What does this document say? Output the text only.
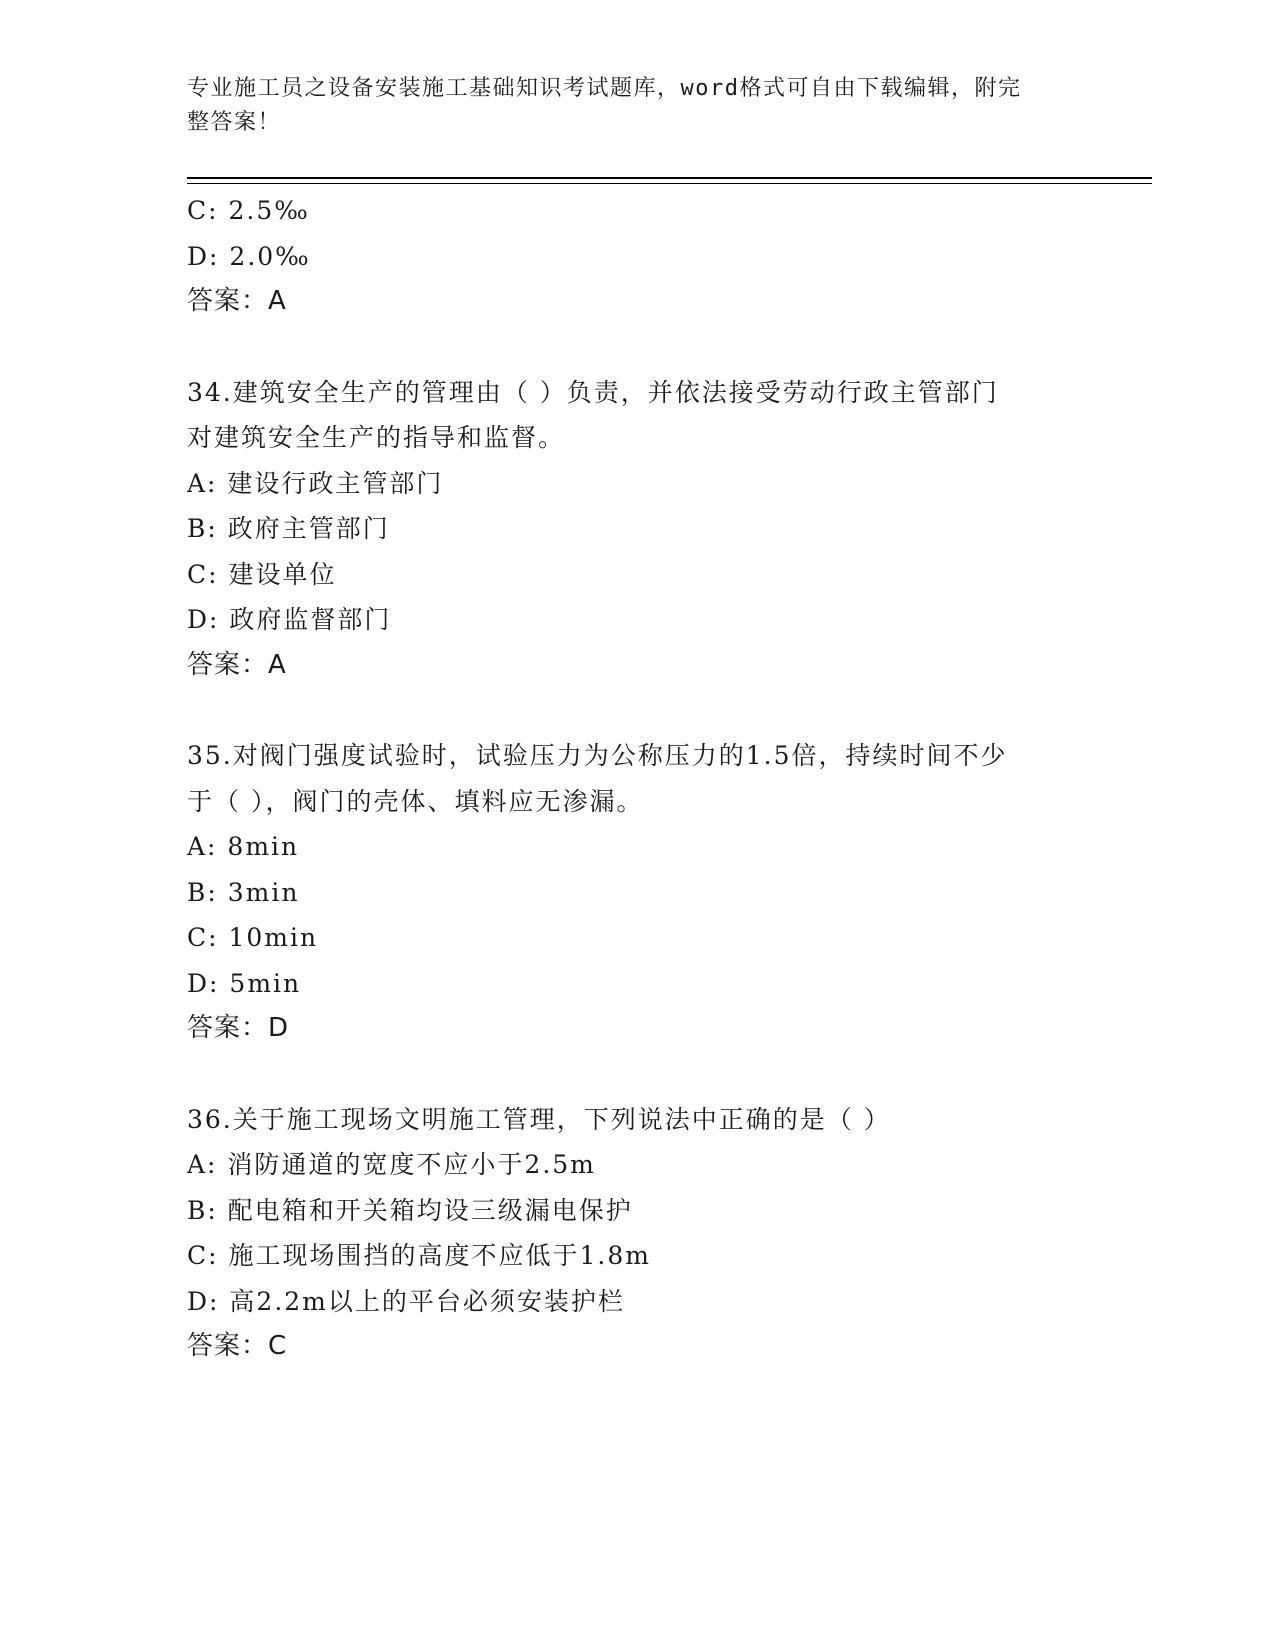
专业施工员之设备安装施工基础知识考试题库，word格式可自由下载编辑，附完
整答案！
C: 2.5‰
D: 2.0‰
答案：A
34.建筑安全生产的管理由（ ）负责，并依法接受劳动行政主管部门
对建筑安全生产的指导和监督。
A: 建设行政主管部门
B: 政府主管部门
C: 建设单位
D: 政府监督部门
答案：A
35.对阀门强度试验时，试验压力为公称压力的1.5倍，持续时间不少
于（ ），阀门的壳体、填料应无渗漏。
A: 8min
B: 3min
C: 10min
D: 5min
答案：D
36.关于施工现场文明施工管理，下列说法中正确的是（ ）
A: 消防通道的宽度不应小于2.5m
B: 配电箱和开关箱均设三级漏电保护
C: 施工现场围挡的高度不应低于1.8m
D: 高2.2m以上的平台必须安装护栏
答案：C
